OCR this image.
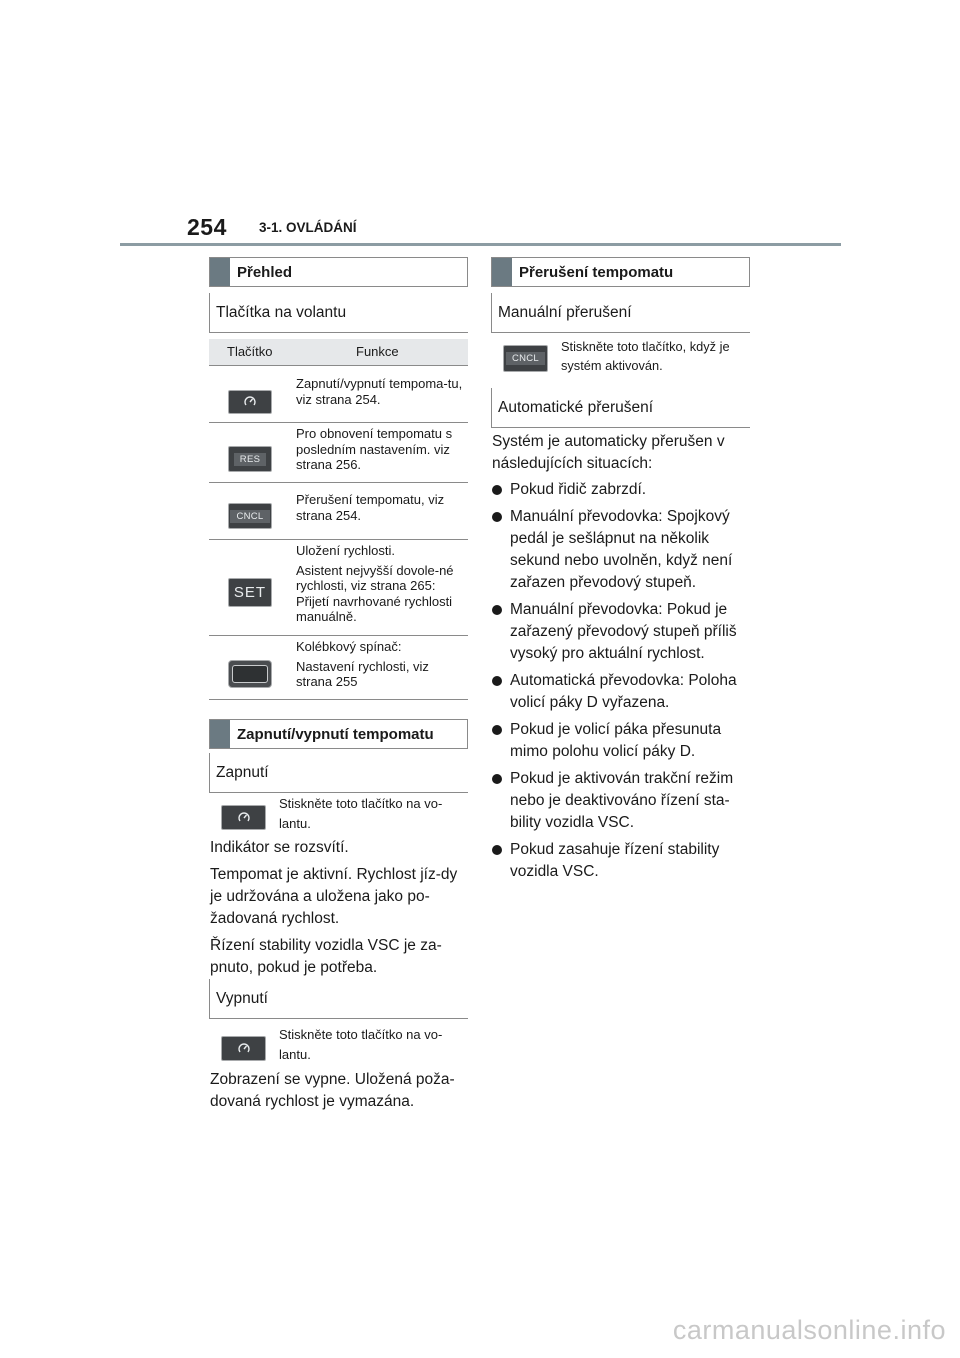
254 3-1. OVLÁDÁNÍ
Přehled
Tlačítka na volantu
Tlačítko	Funkce

Zapnutí/vypnutí tempoma-tu, viz strana 254.

RES

Pro obnovení tempomatu s posledním nastavením. viz strana 256.

CNCL

Přerušení tempomatu, viz strana 254.

SET

Uložení rychlosti.

Asistent nejvyšší dovole-né rychlosti, viz strana 265: Přijetí navrhované rychlosti manuálně.

Kolébkový spínač:

Nastavení rychlosti, viz strana 255

Zapnutí/vypnutí tempomatu
Zapnutí
Stiskněte toto tlačítko na vo-lantu.

Indikátor se rozsvítí.

Tempomat je aktivní. Rychlost jíz-dy je udržována a uložena jako po-žadovaná rychlost.

Řízení stability vozidla VSC je za-pnuto, pokud je potřeba.

Vypnutí
Stiskněte toto tlačítko na vo-lantu.

Zobrazení se vypne. Uložená poža-dovaná rychlost je vymazána.

Přerušení tempomatu
Manuální přerušení
CNCL
Stiskněte toto tlačítko, když je systém aktivován.
Automatické přerušení

Systém je automaticky přerušen v následujících situacích:

Pokud řidič zabrzdí.
Manuální převodovka: Spojkový pedál je sešlápnut na několik sekund nebo uvolněn, když není zařazen převodový stupeň.
Manuální převodovka: Pokud je zařazený převodový stupeň příliš vysoký pro aktuální rychlost.
Automatická převodovka: Poloha volicí páky D vyřazena.
Pokud je volicí páka přesunuta mimo polohu volicí páky D.
Pokud je aktivován trakční režim nebo je deaktivováno řízení sta-bility vozidla VSC.
Pokud zasahuje řízení stability vozidla VSC.
carmanualsonline.info
